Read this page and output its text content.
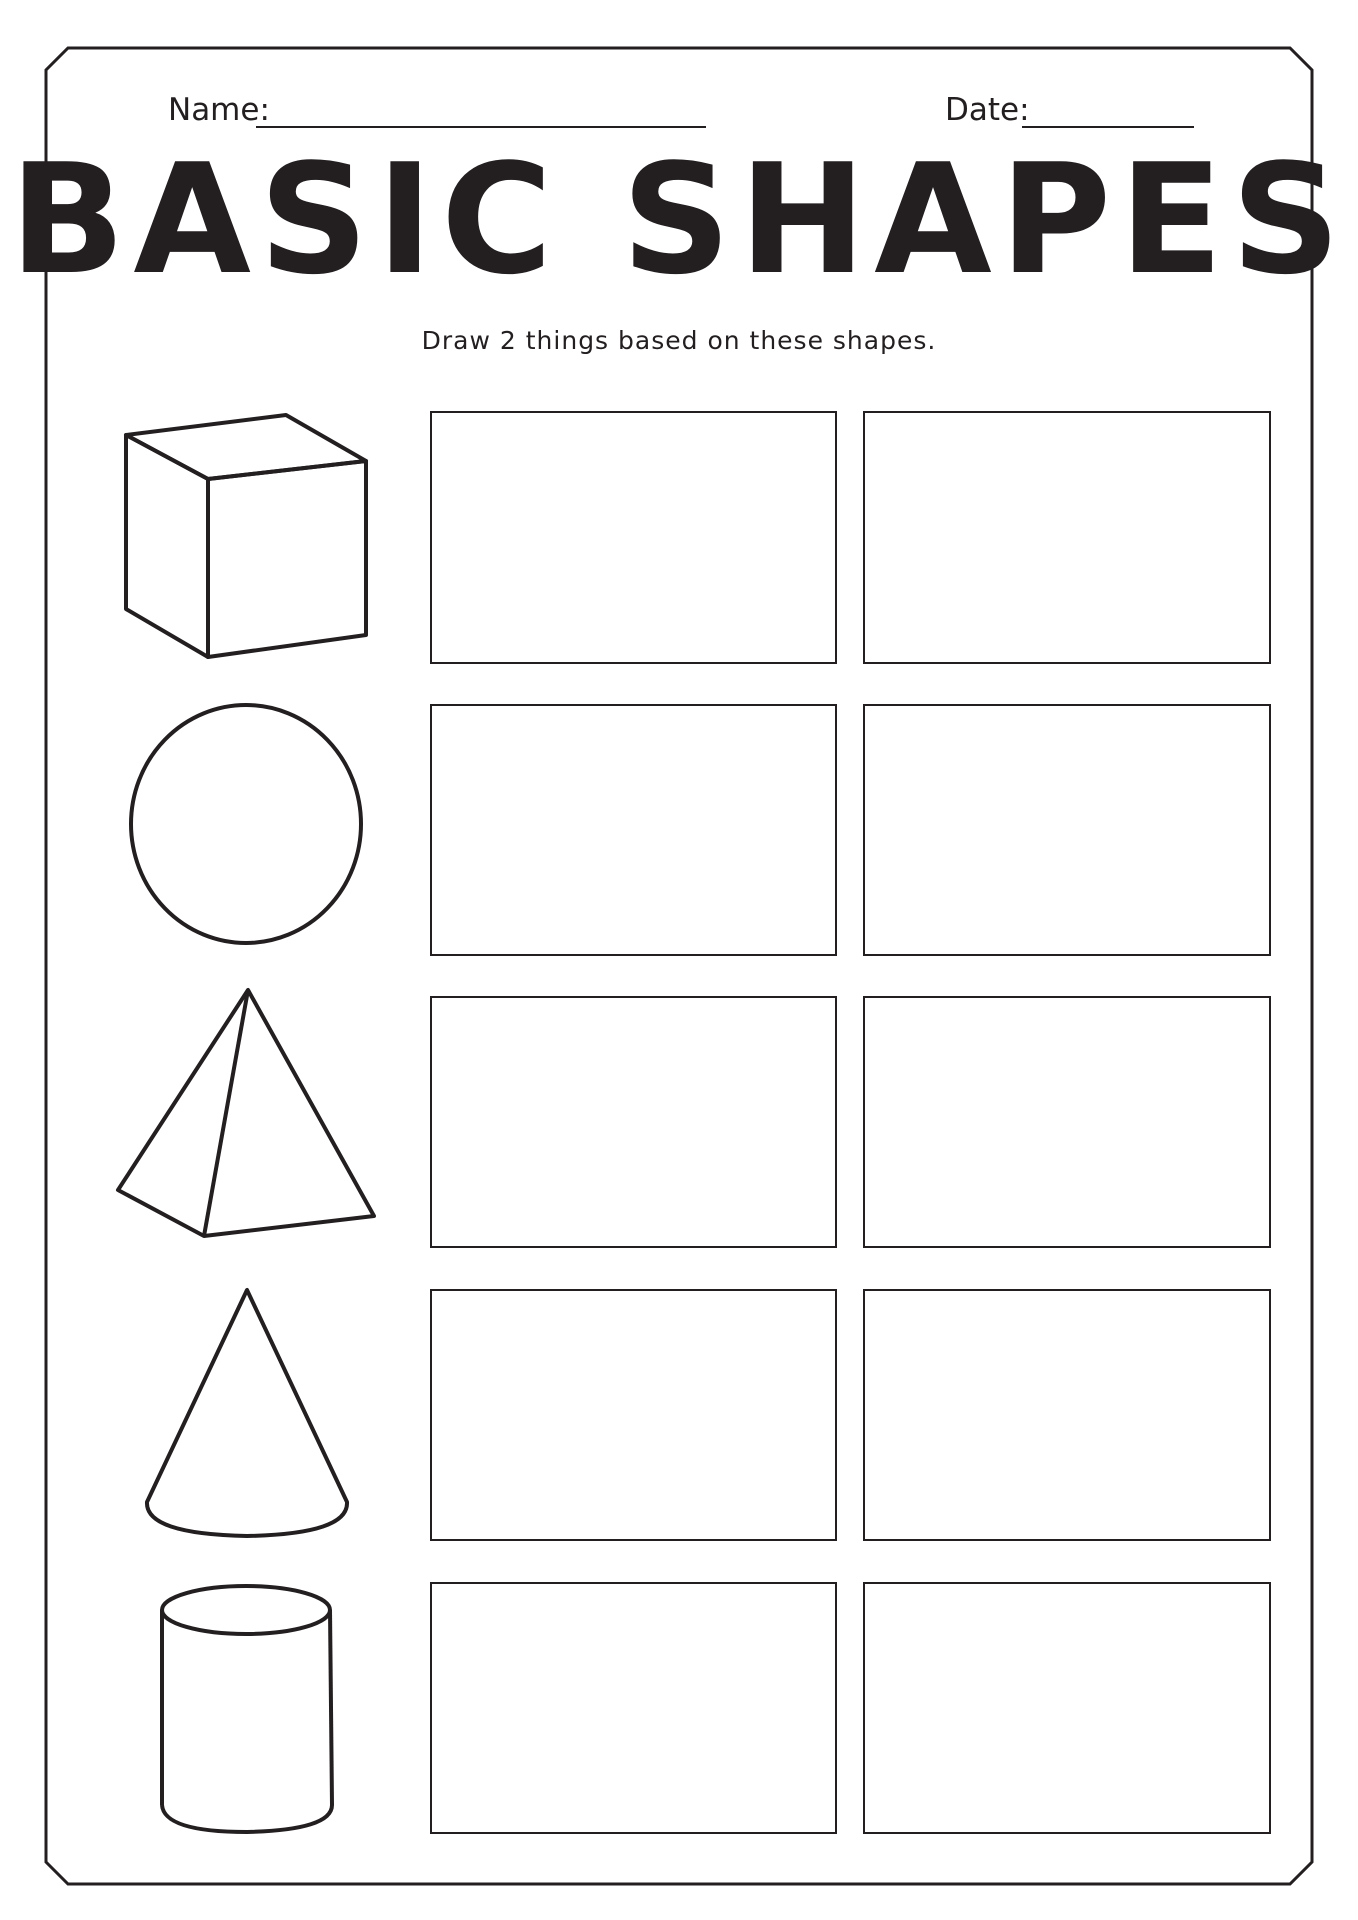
Name:	Date:
BASIC SHAPES
Draw 2 things based on these shapes.
